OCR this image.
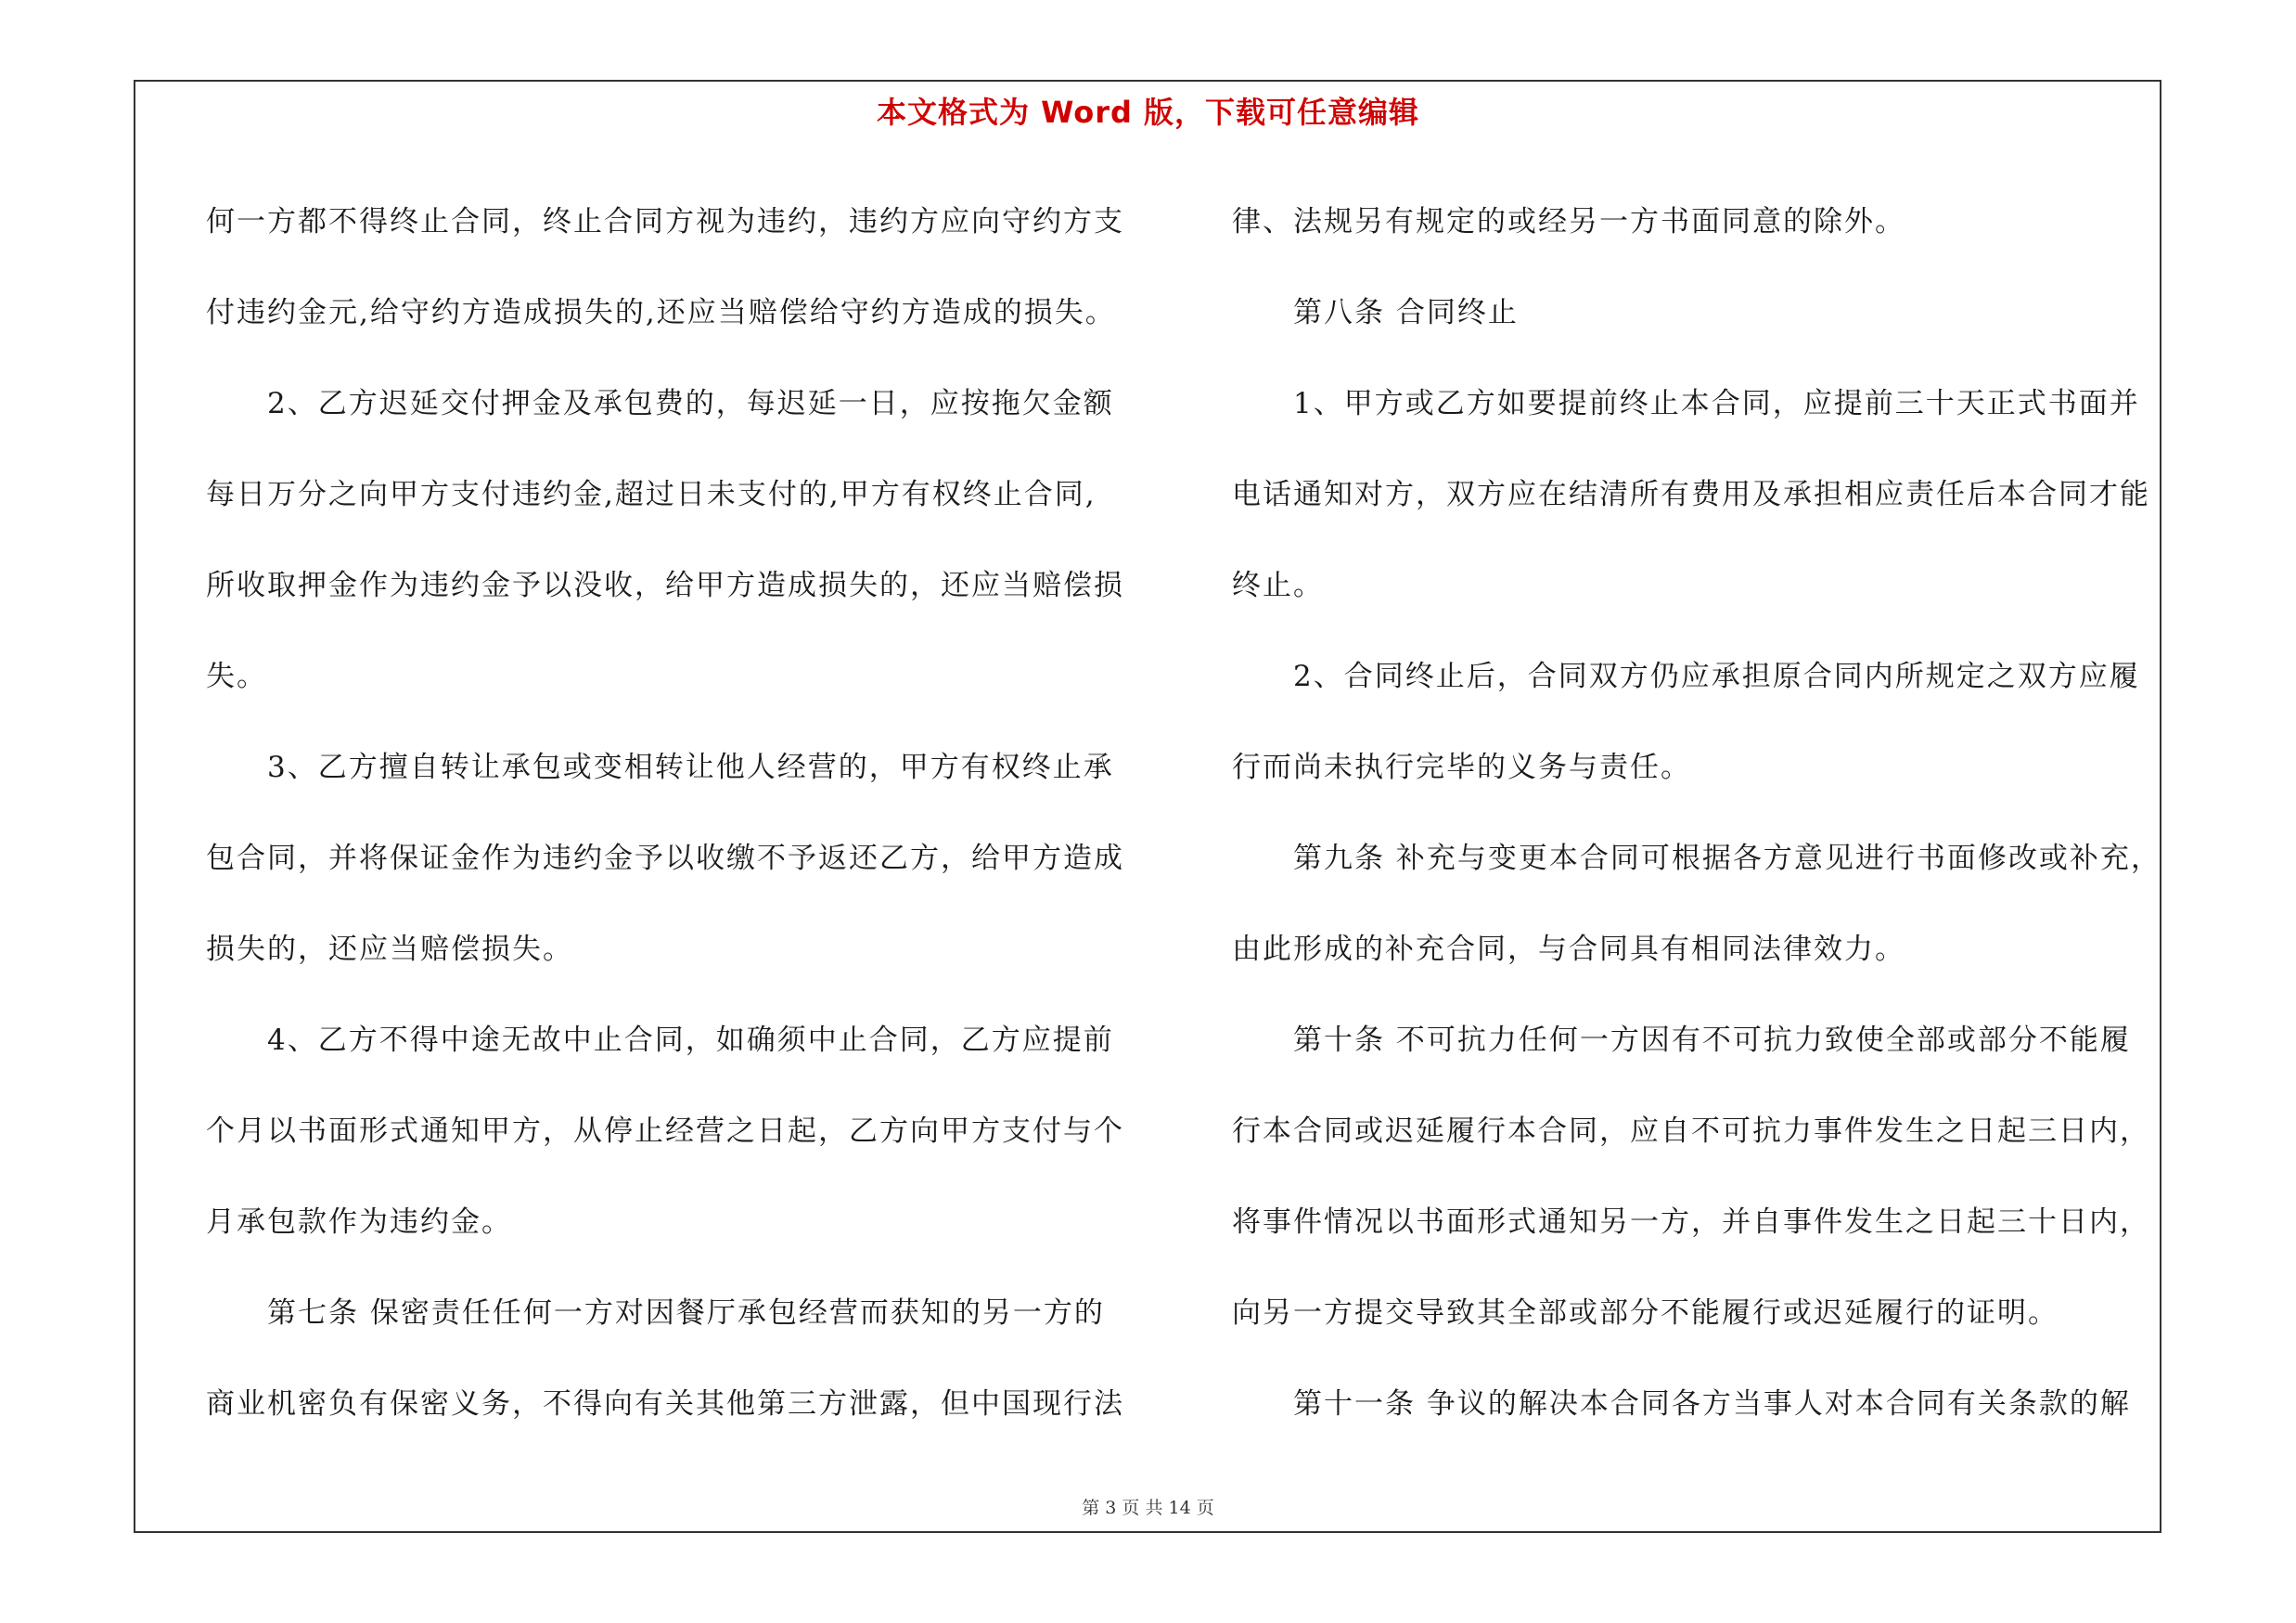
本文格式为 Word 版，下载可任意编辑
何一方都不得终止合同，终止合同方视为违约，违约方应向守约方支
付违约金元,给守约方造成损失的,还应当赔偿给守约方造成的损失。
2、乙方迟延交付押金及承包费的，每迟延一日，应按拖欠金额
每日万分之向甲方支付违约金,超过日未支付的,甲方有权终止合同,
所收取押金作为违约金予以没收，给甲方造成损失的，还应当赔偿损
失。
3、乙方擅自转让承包或变相转让他人经营的，甲方有权终止承
包合同，并将保证金作为违约金予以收缴不予返还乙方，给甲方造成
损失的，还应当赔偿损失。
4、乙方不得中途无故中止合同，如确须中止合同，乙方应提前
个月以书面形式通知甲方，从停止经营之日起，乙方向甲方支付与个
月承包款作为违约金。
第七条 保密责任任何一方对因餐厅承包经营而获知的另一方的
商业机密负有保密义务，不得向有关其他第三方泄露，但中国现行法
律、法规另有规定的或经另一方书面同意的除外。
第八条 合同终止
1、甲方或乙方如要提前终止本合同，应提前三十天正式书面并
电话通知对方，双方应在结清所有费用及承担相应责任后本合同才能
终止。
2、合同终止后，合同双方仍应承担原合同内所规定之双方应履
行而尚未执行完毕的义务与责任。
第九条 补充与变更本合同可根据各方意见进行书面修改或补充，
由此形成的补充合同，与合同具有相同法律效力。
第十条 不可抗力任何一方因有不可抗力致使全部或部分不能履
行本合同或迟延履行本合同，应自不可抗力事件发生之日起三日内，
将事件情况以书面形式通知另一方，并自事件发生之日起三十日内，
向另一方提交导致其全部或部分不能履行或迟延履行的证明。
第十一条 争议的解决本合同各方当事人对本合同有关条款的解
第 3 页 共 14 页
